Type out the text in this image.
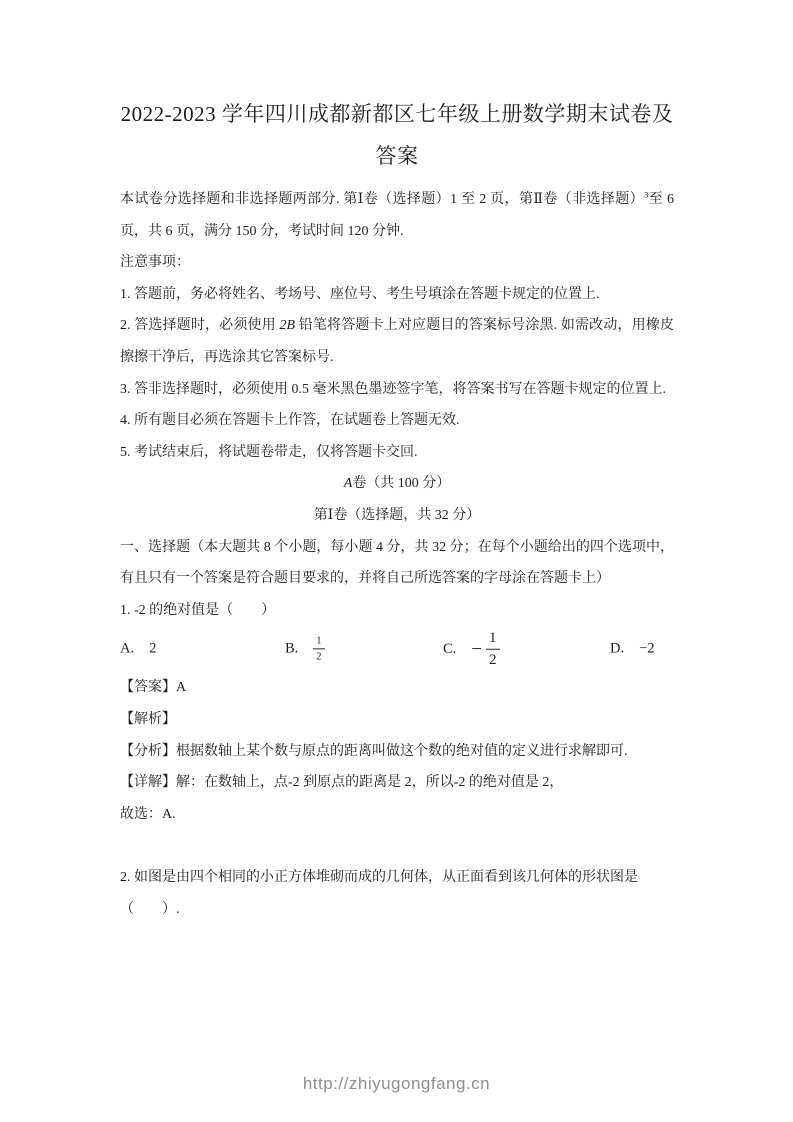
2022-2023 学年四川成都新都区七年级上册数学期末试卷及
答案

本试卷分选择题和非选择题两部分. 第Ⅰ卷（选择题）1 至 2 页，第Ⅱ卷（非选择题）$^3$至 6 页，共 6 页，满分 150 分，考试时间 120 分钟.

注意事项：

1. 答题前，务必将姓名、考场号、座位号、考生号填涂在答题卡规定的位置上.

2. 答选择题时，必须使用 2B 铅笔将答题卡上对应题目的答案标号涂黑. 如需改动，用橡皮擦擦干净后，再选涂其它答案标号.

3. 答非选择题时，必须使用 0.5 毫米黑色墨迹签字笔，将答案书写在答题卡规定的位置上.

4. 所有题目必须在答题卡上作答，在试题卷上答题无效.

5. 考试结束后，将试题卷带走，仅将答题卡交回.

A卷（共 100 分）

第Ⅰ卷（选择题，共 32 分）

一、选择题（本大题共 8 个小题，每小题 4 分，共 32 分；在每个小题给出的四个选项中，有且只有一个答案是符合题目要求的，并将自己所选答案的字母涂在答题卡上）

1. -2 的绝对值是（　　）

A. 2	B. $\frac{1}{2}$	C. − $\frac{1}{2}$	D. −2

【答案】A

【解析】

【分析】根据数轴上某个数与原点的距离叫做这个数的绝对值的定义进行求解即可.

【详解】解：在数轴上，点-2 到原点的距离是 2，所以-2 的绝对值是 2，

故选：A.

2. 如图是由四个相同的小正方体堆砌而成的几何体，从正面看到该几何体的形状图是

（　　）.

http://zhiyugongfang.cn
